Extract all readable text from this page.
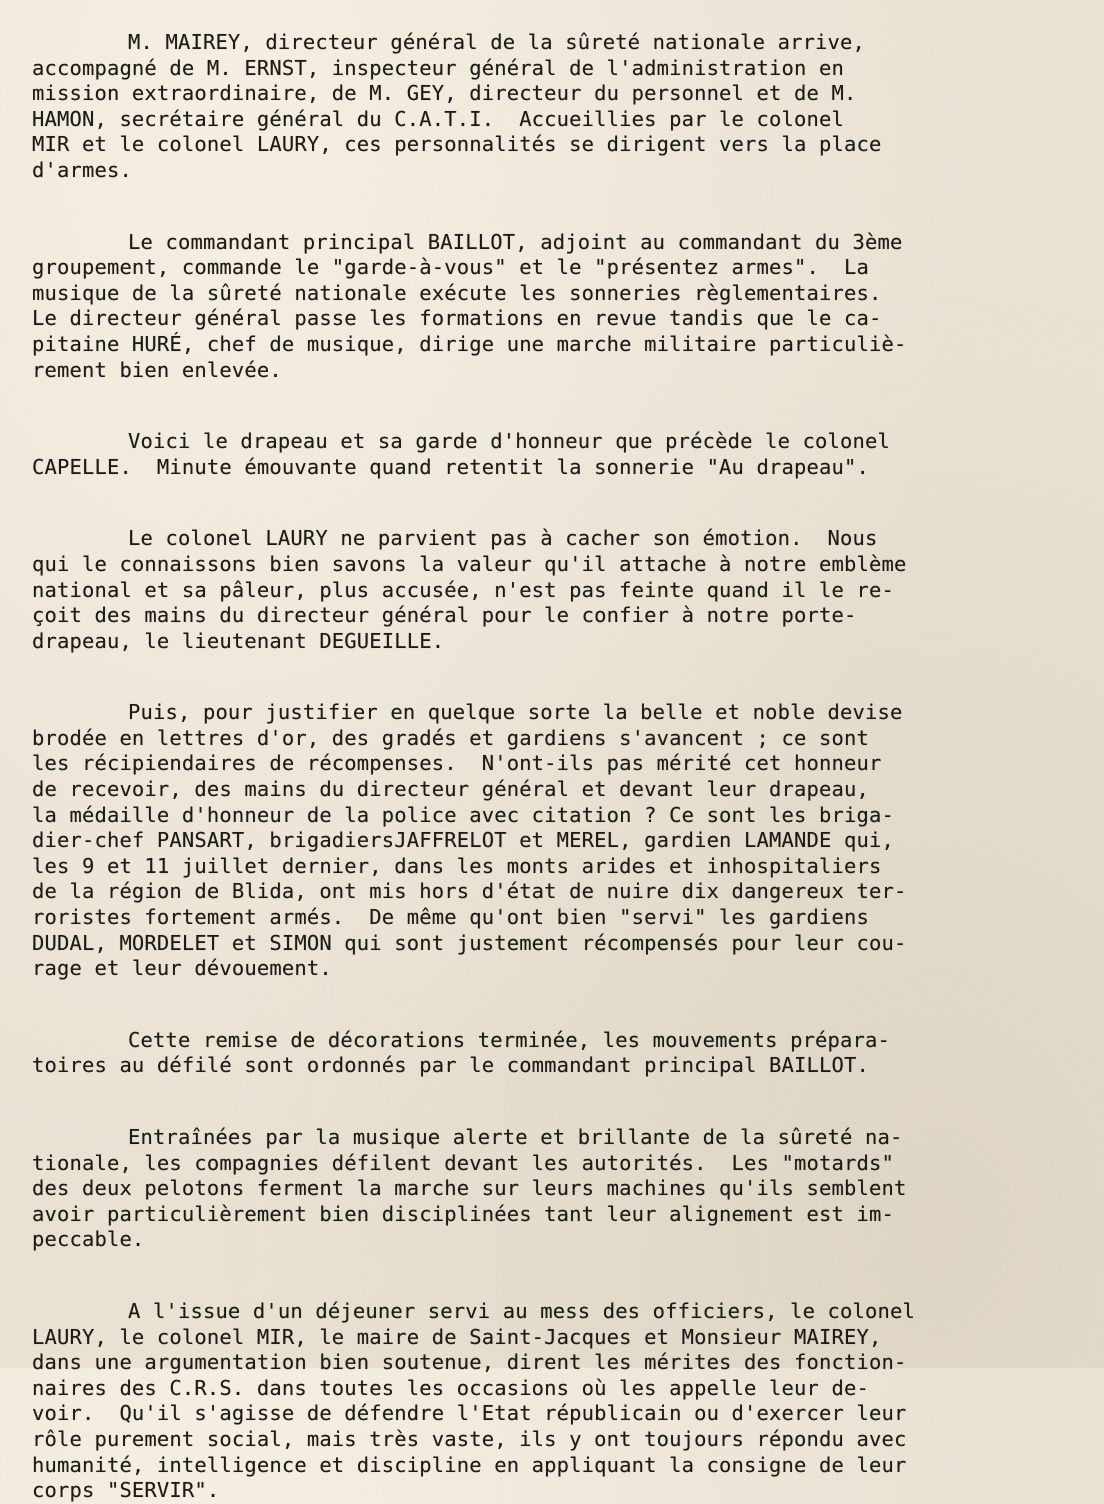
M. MAIREY, directeur général de la sûreté nationale arrive,
accompagné de M. ERNST, inspecteur général de l'administration en
mission extraordinaire, de M. GEY, directeur du personnel et de M.
HAMON, secrétaire général du C.A.T.I.  Accueillies par le colonel
MIR et le colonel LAURY, ces personnalités se dirigent vers la place
d'armes.
Le commandant principal BAILLOT, adjoint au commandant du 3ème
groupement, commande le "garde-à-vous" et le "présentez armes".  La
musique de la sûreté nationale exécute les sonneries règlementaires.
Le directeur général passe les formations en revue tandis que le ca-
pitaine HURÉ, chef de musique, dirige une marche militaire particuliè-
rement bien enlevée.
Voici le drapeau et sa garde d'honneur que précède le colonel
CAPELLE.  Minute émouvante quand retentit la sonnerie "Au drapeau".
Le colonel LAURY ne parvient pas à cacher son émotion.  Nous
qui le connaissons bien savons la valeur qu'il attache à notre emblème
national et sa pâleur, plus accusée, n'est pas feinte quand il le re-
çoit des mains du directeur général pour le confier à notre porte-
drapeau, le lieutenant DEGUEILLE.
Puis, pour justifier en quelque sorte la belle et noble devise
brodée en lettres d'or, des gradés et gardiens s'avancent ; ce sont
les récipiendaires de récompenses.  N'ont-ils pas mérité cet honneur
de recevoir, des mains du directeur général et devant leur drapeau,
la médaille d'honneur de la police avec citation ? Ce sont les briga-
dier-chef PANSART, brigadiersJAFFRELOT et MEREL, gardien LAMANDE qui,
les 9 et 11 juillet dernier, dans les monts arides et inhospitaliers
de la région de Blida, ont mis hors d'état de nuire dix dangereux ter-
roristes fortement armés.  De même qu'ont bien "servi" les gardiens
DUDAL, MORDELET et SIMON qui sont justement récompensés pour leur cou-
rage et leur dévouement.
Cette remise de décorations terminée, les mouvements prépara-
toires au défilé sont ordonnés par le commandant principal BAILLOT.
Entraînées par la musique alerte et brillante de la sûreté na-
tionale, les compagnies défilent devant les autorités.  Les "motards"
des deux pelotons ferment la marche sur leurs machines qu'ils semblent
avoir particulièrement bien disciplinées tant leur alignement est im-
peccable.
A l'issue d'un déjeuner servi au mess des officiers, le colonel
LAURY, le colonel MIR, le maire de Saint-Jacques et Monsieur MAIREY,
dans une argumentation bien soutenue, dirent les mérites des fonction-
naires des C.R.S. dans toutes les occasions où les appelle leur de-
voir.  Qu'il s'agisse de défendre l'Etat républicain ou d'exercer leur
rôle purement social, mais très vaste, ils y ont toujours répondu avec
humanité, intelligence et discipline en appliquant la consigne de leur
corps "SERVIR".
